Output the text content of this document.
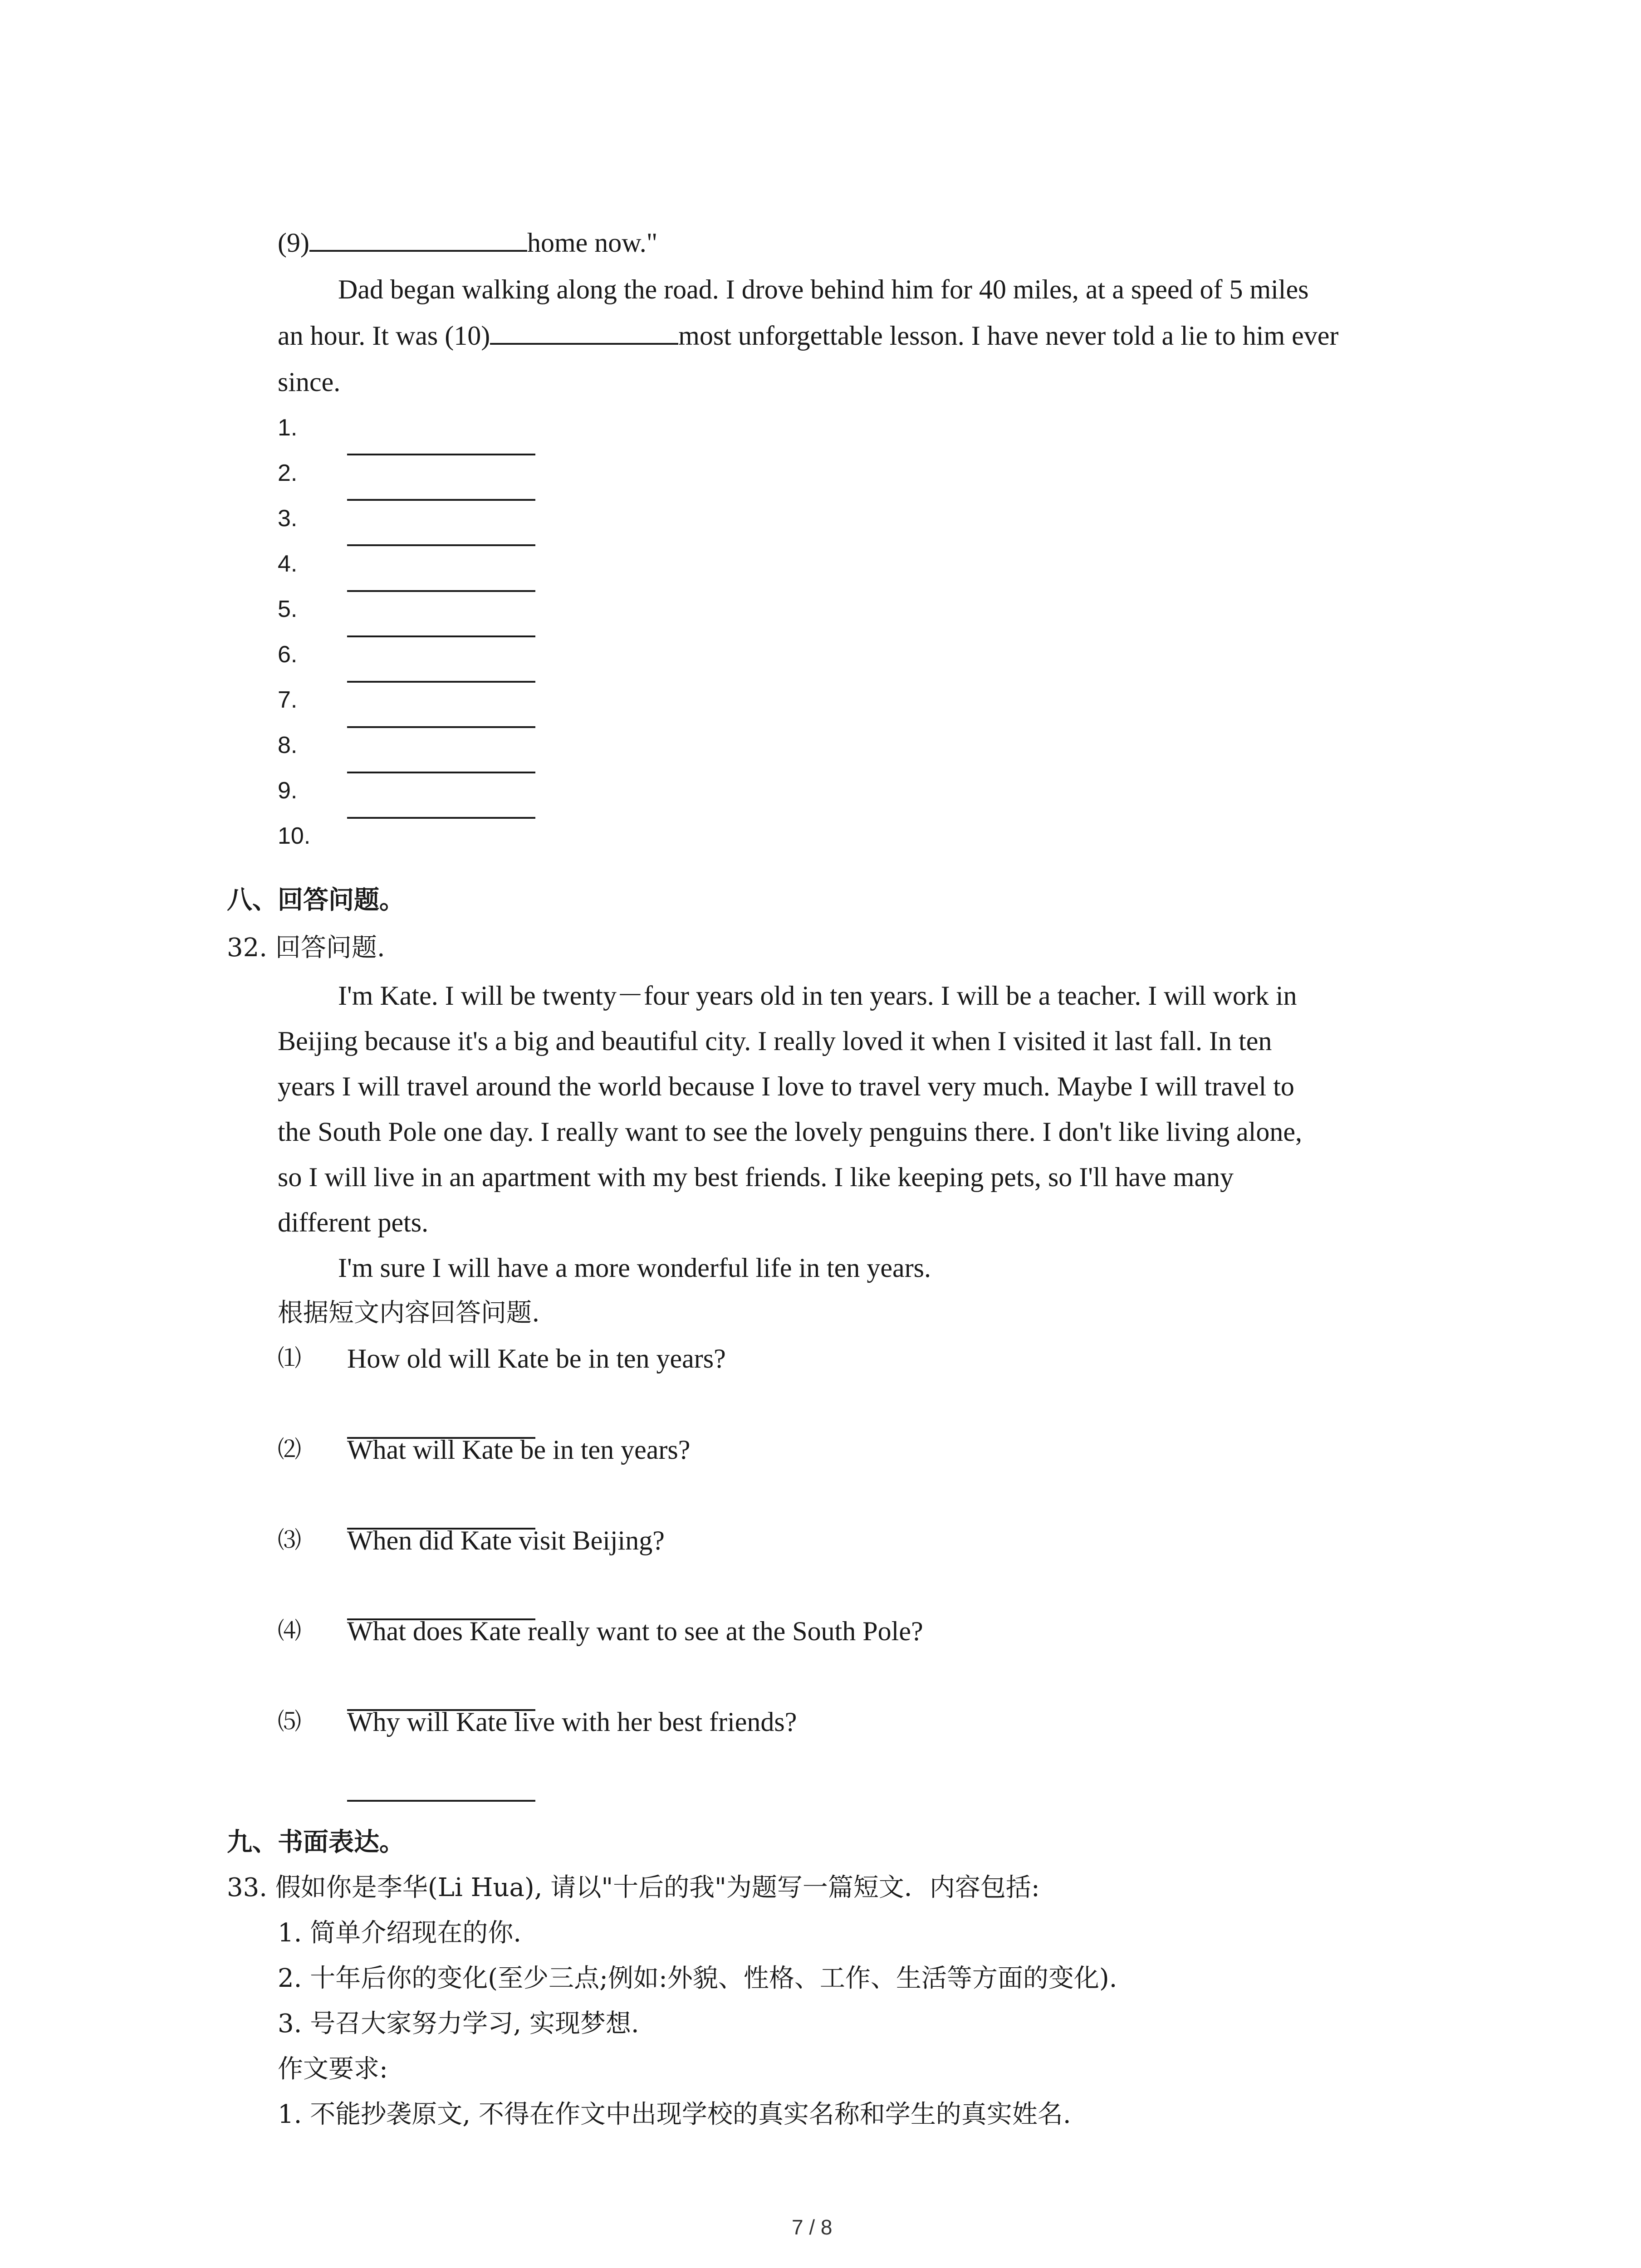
(9)	home now."
Dad began walking along the road. I drove behind him for 40 miles, at a speed of 5 miles
an hour. It was (10)	most unforgettable lesson. I have never told a lie to him ever
since.
1.
2.
3.
4.
5.
6.
7.
8.
9.
10.
八、回答问题。
32. 回答问题.
I'm Kate. I will be twenty－four years old in ten years. I will be a teacher. I will work in
Beijing because it's a big and beautiful city. I really loved it when I visited it last fall. In ten
years I will travel around the world because I love to travel very much. Maybe I will travel to
the South Pole one day. I really want to see the lovely penguins there. I don't like living alone,
so I will live in an apartment with my best friends. I like keeping pets, so I'll have many
different pets.
I'm sure I will have a more wonderful life in ten years.
根据短文内容回答问题.
⑴ How old will Kate be in ten years?
⑵ What will Kate be in ten years?
⑶ When did Kate visit Beijing?
⑷ What does Kate really want to see at the South Pole?
⑸ Why will Kate live with her best friends?
九、书面表达。
33. 假如你是李华(Li Hua), 请以"十后的我"为题写一篇短文．内容包括:
1. 简单介绍现在的你.
2. 十年后你的变化(至少三点;例如:外貌、性格、工作、生活等方面的变化).
3. 号召大家努力学习, 实现梦想.
作文要求:
1. 不能抄袭原文, 不得在作文中出现学校的真实名称和学生的真实姓名.
7 / 8
